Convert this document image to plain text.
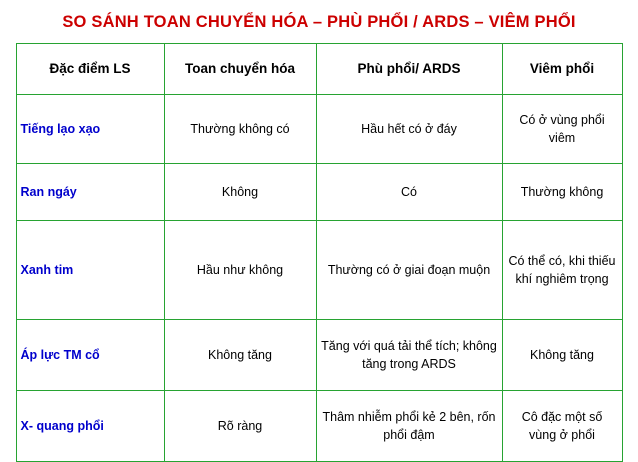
SO SÁNH TOAN CHUYỂN HÓA – PHÙ PHỔI / ARDS – VIÊM PHỔI
Đặc điểm LS	Toan chuyển hóa	Phù phổi/ ARDS	Viêm phổi
Tiếng lạo xạo	Thường không có	Hầu hết có ở đáy	Có ở vùng phổi viêm
Ran ngáy	Không	Có	Thường không
Xanh tim	Hầu như không	Thường có ở giai đoạn muộn	Có thể có, khi thiếu khí nghiêm trọng
Áp lực TM cổ	Không tăng	Tăng với quá tải thể tích; không tăng trong ARDS	Không tăng
X- quang phổi	Rõ ràng	Thâm nhiễm phổi kẻ 2 bên, rốn phổi đậm	Cô đặc một số vùng ở phổi
